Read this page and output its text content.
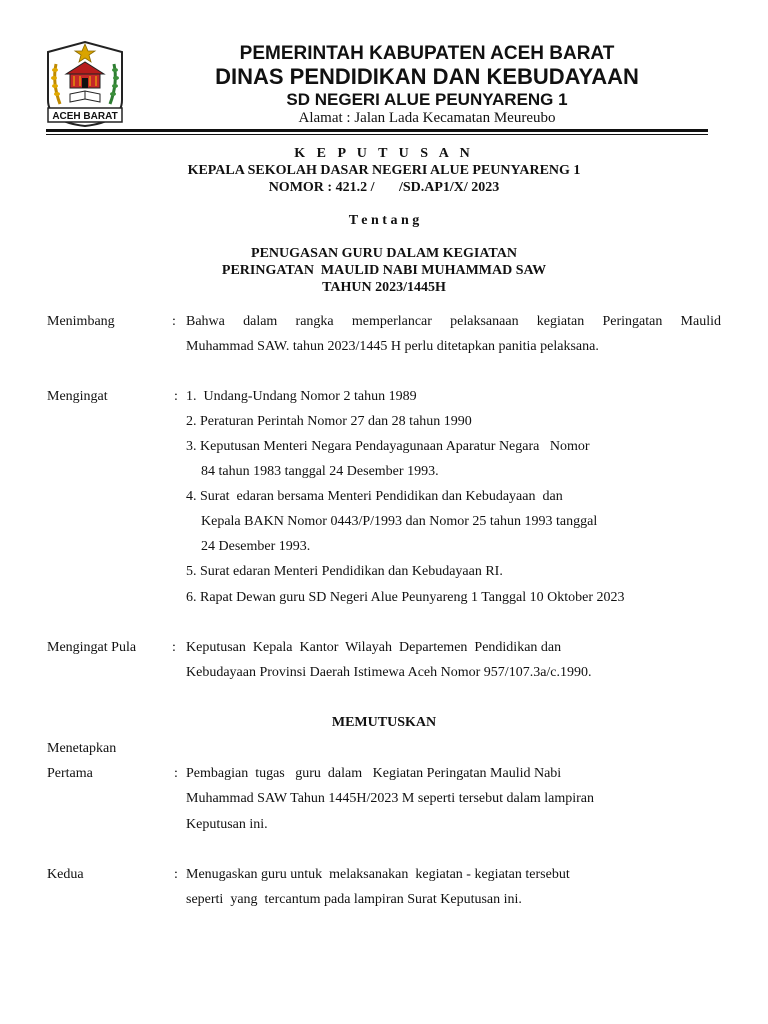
ACEH BARAT
PEMERINTAH KABUPATEN ACEH BARAT
DINAS PENDIDIKAN DAN KEBUDAYAAN
SD NEGERI ALUE PEUNYARENG 1
Alamat : Jalan Lada Kecamatan Meureubo
K E P U T U S A N
KEPALA SEKOLAH DASAR NEGERI ALUE PEUNYARENG 1
NOMOR : 421.2 /       /SD.AP1/X/ 2023
T e n t a n g
PENUGASAN GURU DALAM KEGIATAN
PERINGATAN  MAULID NABI MUHAMMAD SAW
TAHUN 2023/1445H
Menimbang	: Bahwa dalam rangka memperlancar pelaksanaan kegiatan Peringatan Maulid
Muhammad SAW. tahun 2023/1445 H perlu ditetapkan panitia pelaksana.
Mengingat	: 1.  Undang-Undang Nomor 2 tahun 1989
2. Peraturan Perintah Nomor 27 dan 28 tahun 1990
3. Keputusan Menteri Negara Pendayagunaan Aparatur Negara   Nomor
84 tahun 1983 tanggal 24 Desember 1993.
4. Surat  edaran bersama Menteri Pendidikan dan Kebudayaan  dan
Kepala BAKN Nomor 0443/P/1993 dan Nomor 25 tahun 1993 tanggal
24 Desember 1993.
5. Surat edaran Menteri Pendidikan dan Kebudayaan RI.
6. Rapat Dewan guru SD Negeri Alue Peunyareng 1 Tanggal 10 Oktober 2023
Mengingat Pula	: Keputusan  Kepala  Kantor  Wilayah  Departemen  Pendidikan dan
Kebudayaan Provinsi Daerah Istimewa Aceh Nomor 957/107.3a/c.1990.
MEMUTUSKAN
Menetapkan
Pertama	: Pembagian  tugas   guru  dalam   Kegiatan Peringatan Maulid Nabi
Muhammad SAW Tahun 1445H/2023 M seperti tersebut dalam lampiran
Keputusan ini.
Kedua	: Menugaskan guru untuk  melaksanakan  kegiatan - kegiatan tersebut
seperti  yang  tercantum pada lampiran Surat Keputusan ini.
